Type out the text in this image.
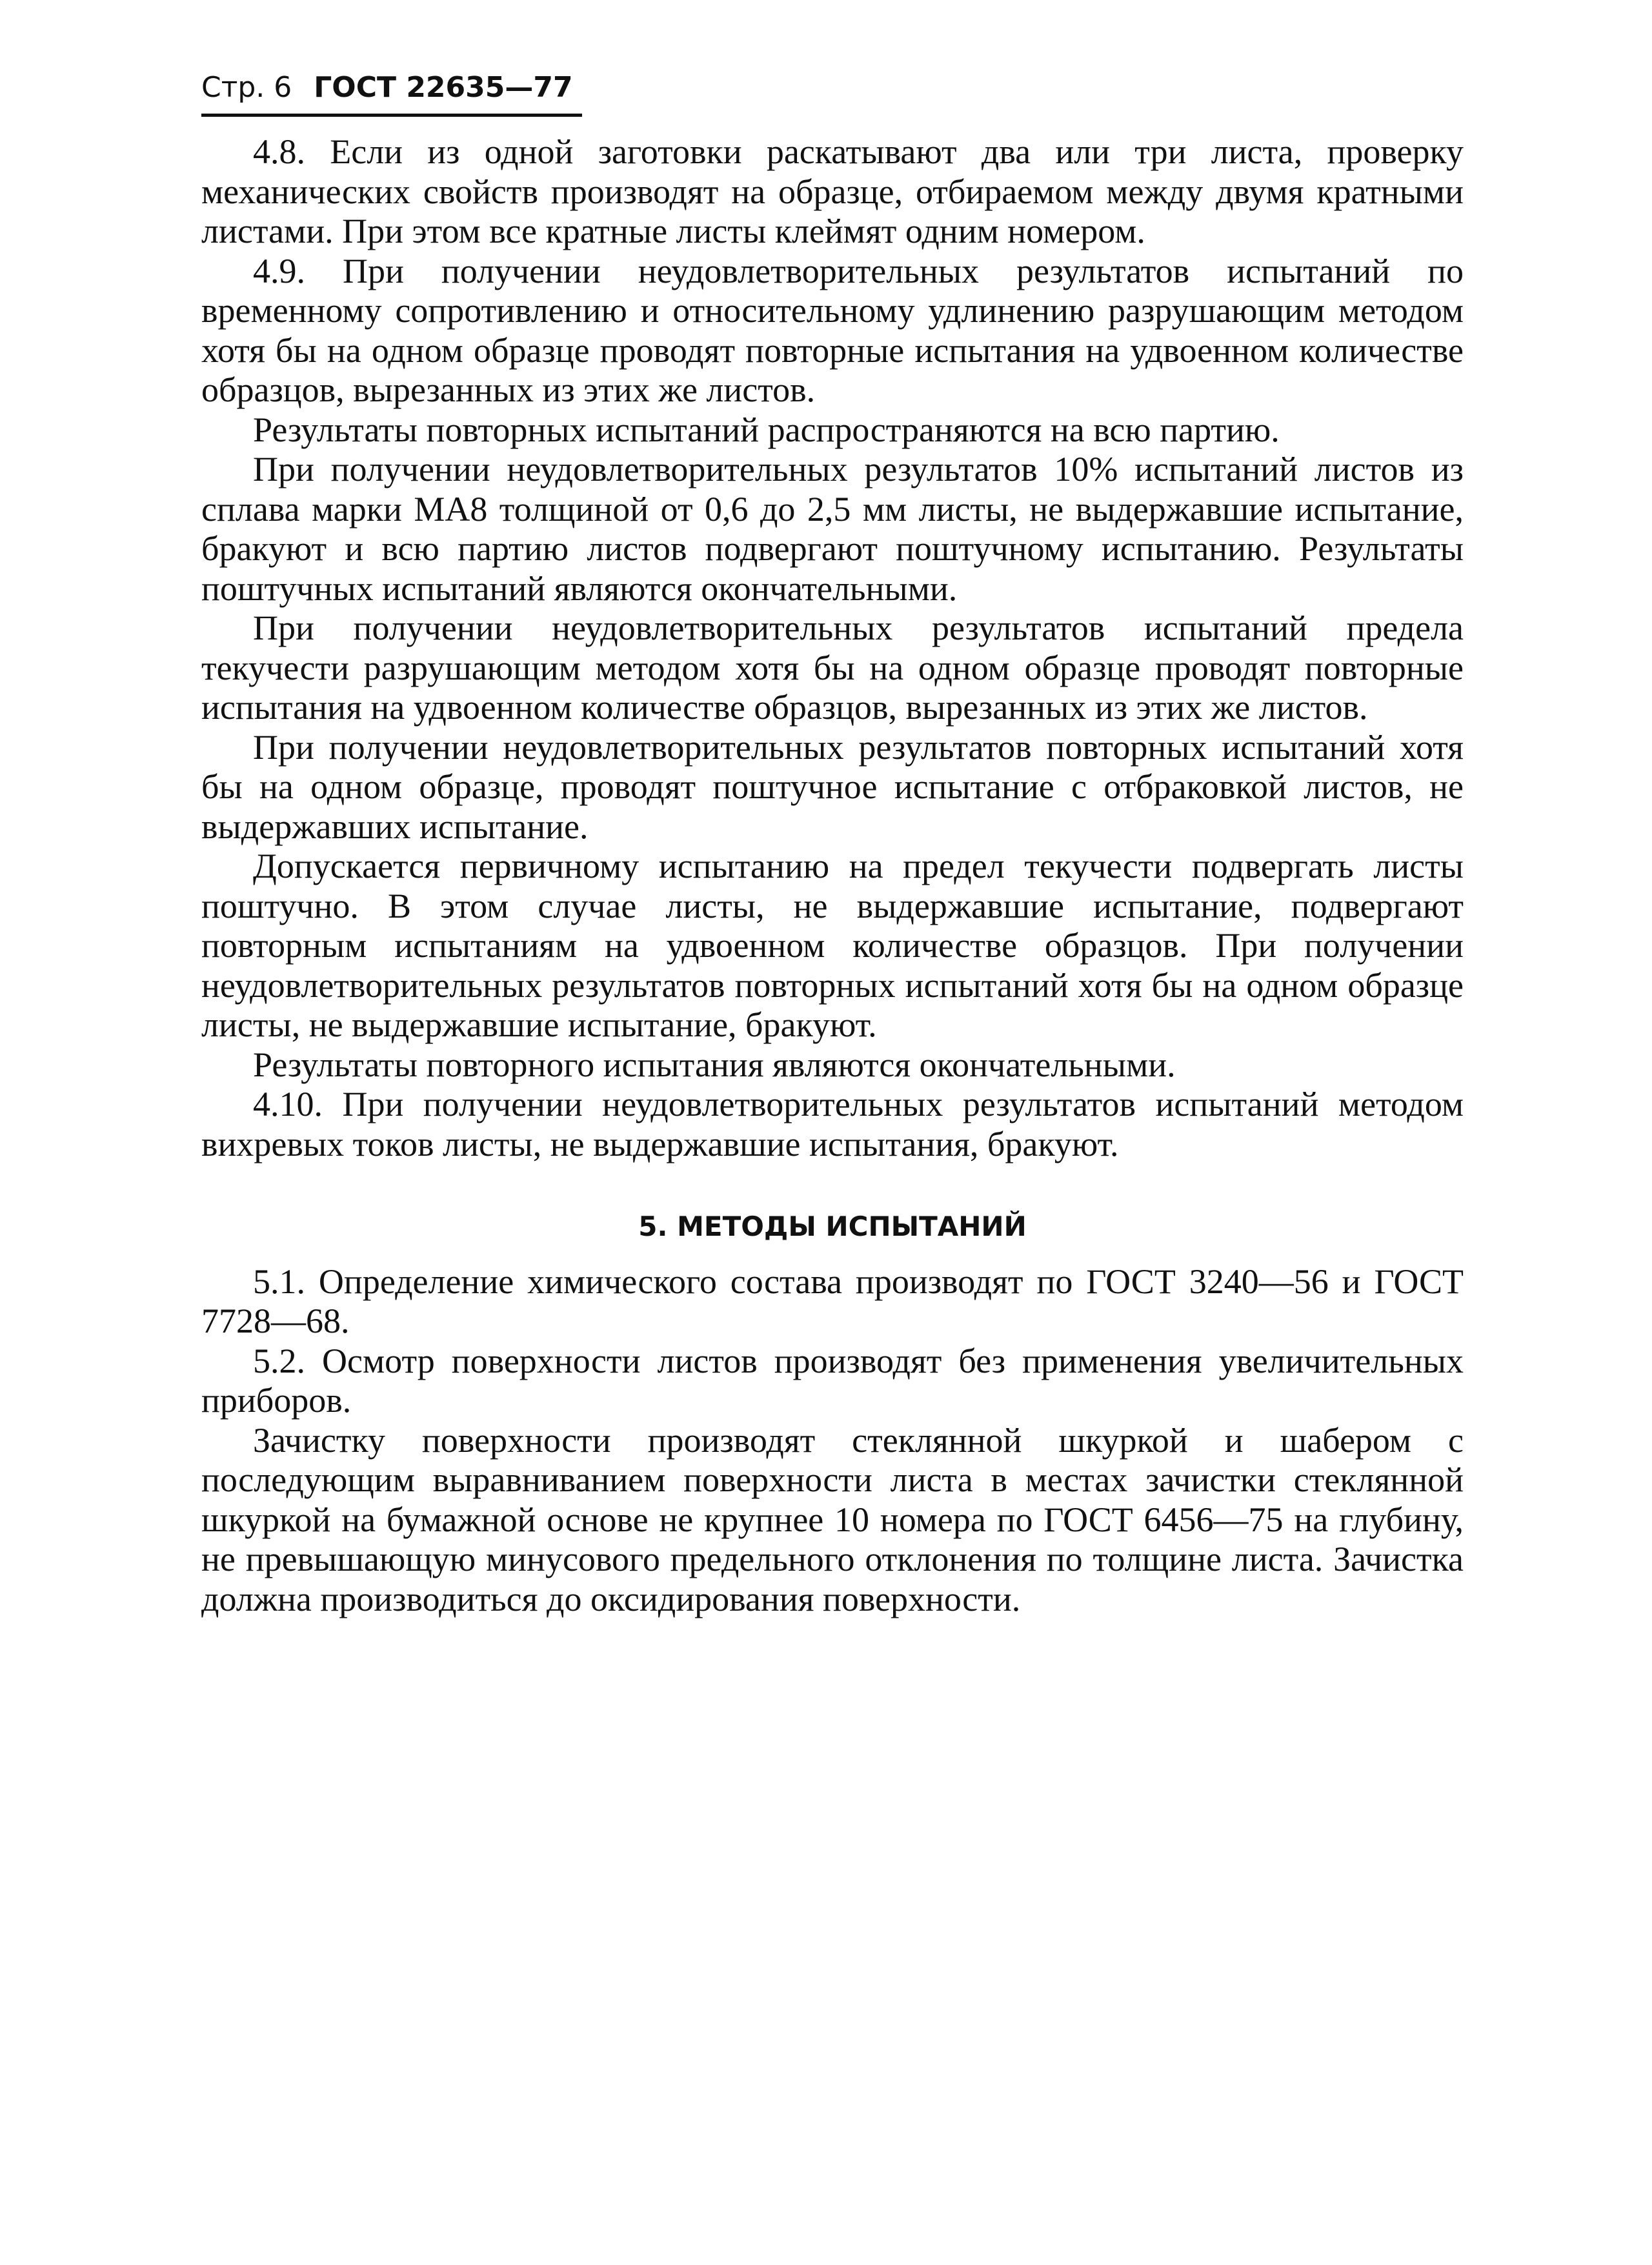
Стр. 6 ГОСТ 22635—77

4.8. Если из одной заготовки раскатывают два или три листа, проверку механических свойств производят на образце, отбираемом между двумя кратными листами. При этом все кратные листы клеймят одним номером.

4.9. При получении неудовлетворительных результатов испытаний по временному сопротивлению и относительному удлинению разрушающим методом хотя бы на одном образце проводят повторные испытания на удвоенном количестве образцов, вырезанных из этих же листов.

Результаты повторных испытаний распространяются на всю партию.

При получении неудовлетворительных результатов 10% испытаний листов из сплава марки МА8 толщиной от 0,6 до 2,5 мм листы, не выдержавшие испытание, бракуют и всю партию листов подвергают поштучному испытанию. Результаты поштучных испытаний являются окончательными.

При получении неудовлетворительных результатов испытаний предела текучести разрушающим методом хотя бы на одном образце проводят повторные испытания на удвоенном количестве образцов, вырезанных из этих же листов.

При получении неудовлетворительных результатов повторных испытаний хотя бы на одном образце, проводят поштучное испытание с отбраковкой листов, не выдержавших испытание.

Допускается первичному испытанию на предел текучести подвергать листы поштучно. В этом случае листы, не выдержавшие испытание, подвергают повторным испытаниям на удвоенном количестве образцов. При получении неудовлетворительных результатов повторных испытаний хотя бы на одном образце листы, не выдержавшие испытание, бракуют.

Результаты повторного испытания являются окончательными.

4.10. При получении неудовлетворительных результатов испытаний методом вихревых токов листы, не выдержавшие испытания, бракуют.

5. МЕТОДЫ ИСПЫТАНИЙ

5.1. Определение химического состава производят по ГОСТ 3240—56 и ГОСТ 7728—68.

5.2. Осмотр поверхности листов производят без применения увеличительных приборов.

Зачистку поверхности производят стеклянной шкуркой и шабером с последующим выравниванием поверхности листа в местах зачистки стеклянной шкуркой на бумажной основе не крупнее 10 номера по ГОСТ 6456—75 на глубину, не превышающую минусового предельного отклонения по толщине листа. Зачистка должна производиться до оксидирования поверхности.
